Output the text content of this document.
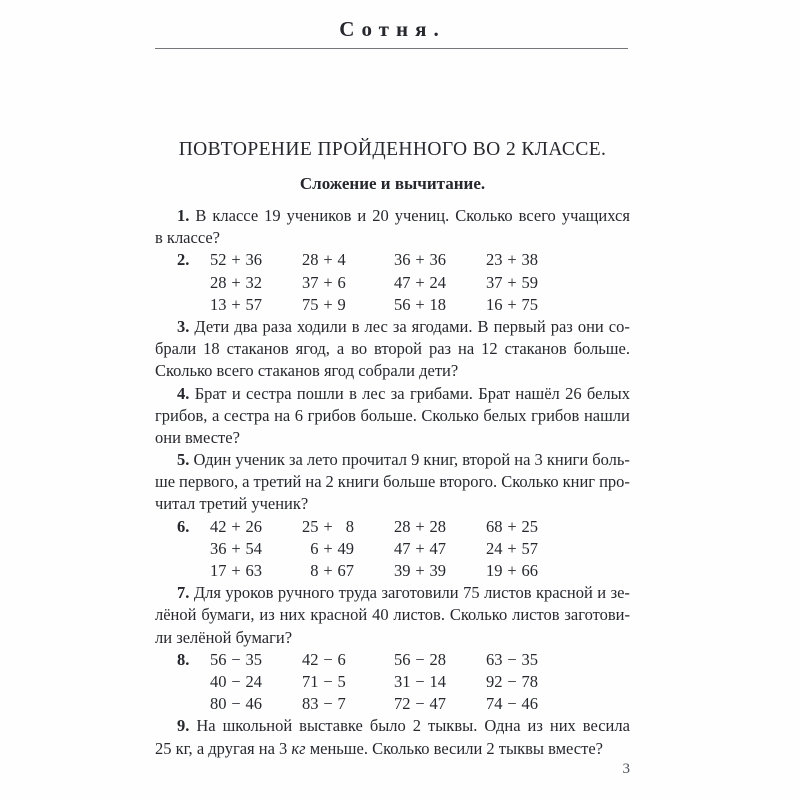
Сотня.
ПОВТОРЕНИЕ ПРОЙДЕННОГО ВО 2 КЛАССЕ.
Сложение и вычитание.
1. В классе 19 учеников и 20 учениц. Сколько всего учащихся
в классе?
2.	52 + 36	28 + 4	36 + 36	23 + 38
28 + 32	37 + 6	47 + 24	37 + 59
13 + 57	75 + 9	56 + 18	16 + 75
3. Дети два раза ходили в лес за ягодами. В первый раз они со-
брали 18 стаканов ягод, а во второй раз на 12 стаканов больше.
Сколько всего стаканов ягод собрали дети?
4. Брат и сестра пошли в лес за грибами. Брат нашёл 26 белых
грибов, а сестра на 6 грибов больше. Сколько белых грибов нашли
они вместе?
5. Один ученик за лето прочитал 9 книг, второй на 3 книги боль-
ше первого, а третий на 2 книги больше второго. Сколько книг про-
читал третий ученик?
6.	42 + 26	25 + 8	28 + 28	68 + 25
36 + 54	6 + 49	47 + 47	24 + 57
17 + 63	8 + 67	39 + 39	19 + 66
7. Для уроков ручного труда заготовили 75 листов красной и зе-
лёной бумаги, из них красной 40 листов. Сколько листов заготови-
ли зелёной бумаги?
8.	56 − 35	42 − 6	56 − 28	63 − 35
40 − 24	71 − 5	31 − 14	92 − 78
80 − 46	83 − 7	72 − 47	74 − 46
9. На школьной выставке было 2 тыквы. Одна из них весила
25 кг, а другая на 3 кг меньше. Сколько весили 2 тыквы вместе?
3
